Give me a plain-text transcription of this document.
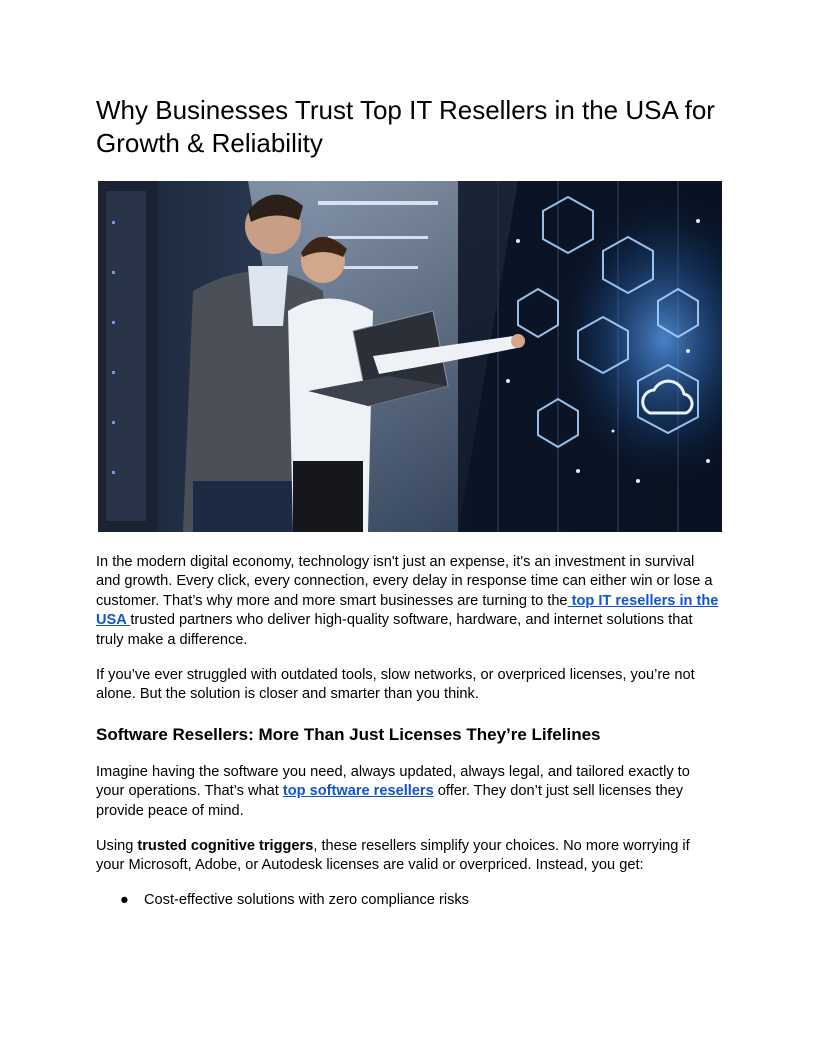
Why Businesses Trust Top IT Resellers in the USA for Growth & Reliability

In the modern digital economy, technology isn't just an expense, it's an investment in survival and growth. Every click, every connection, every delay in response time can either win or lose a customer. That’s why more and more smart businesses are turning to the top IT resellers in the USA trusted partners who deliver high-quality software, hardware, and internet solutions that truly make a difference.

If you’ve ever struggled with outdated tools, slow networks, or overpriced licenses, you’re not alone. But the solution is closer and smarter than you think.

Software Resellers: More Than Just Licenses They’re Lifelines

Imagine having the software you need, always updated, always legal, and tailored exactly to your operations. That’s what top software resellers offer. They don’t just sell licenses they provide peace of mind.

Using trusted cognitive triggers, these resellers simplify your choices. No more worrying if your Microsoft, Adobe, or Autodesk licenses are valid or overpriced. Instead, you get:

● Cost-effective solutions with zero compliance risks
